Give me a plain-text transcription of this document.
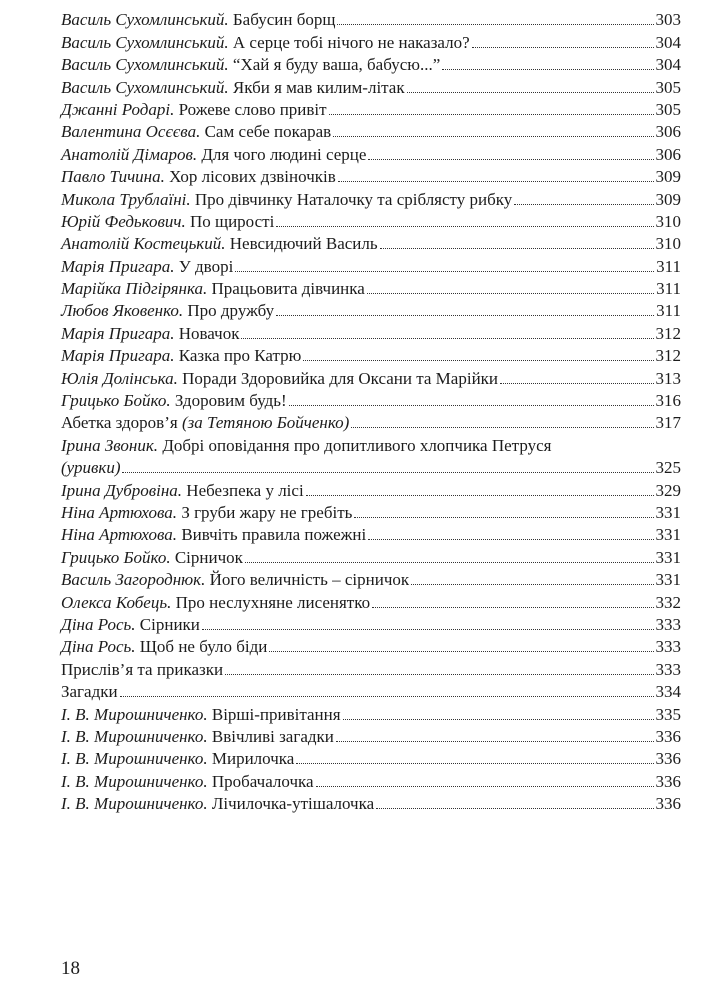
Василь Сухомлинський. Бабусин борщ	303
Василь Сухомлинський. А серце тобі нічого не наказало?	304
Василь Сухомлинський. “Хай я буду ваша, бабусю...”	304
Василь Сухомлинський. Якби я мав килим-літак	305
Джанні Родарі. Рожеве слово привіт	305
Валентина Осєєва. Сам себе покарав	306
Анатолій Дімаров. Для чого людині серце	306
Павло Тичина. Хор лісових дзвіночків	309
Микола Трублаїні. Про дівчинку Наталочку та сріблясту рибку	309
Юрій Федькович. По щирості	310
Анатолій Костецький. Невсидючий Василь	310
Марія Пригара. У дворі	311
Марійка Підгірянка. Працьовита дівчинка	311
Любов Яковенко. Про дружбу	311
Марія Пригара. Новачок	312
Марія Пригара. Казка про Катрю	312
Юлія Долінська. Поради Здоровийка для Оксани та Марійки	313
Грицько Бойко. Здоровим будь!	316
Абетка здоров’я (за Тетяною Бойченко)	317
Ірина Звоник. Добрі оповідання про допитливого хлопчика Петруся
(уривки)	325
Ірина Дубровіна. Небезпека у лісі	329
Ніна Артюхова. З груби жару не гребіть	331
Ніна Артюхова. Вивчіть правила пожежні	331
Грицько Бойко. Сірничок	331
Василь Загороднюк. Його величність – сірничок	331
Олекса Кобець. Про неслухняне лисенятко	332
Діна Рось. Сірники	333
Діна Рось. Щоб не було біди	333
Прислів’я та приказки	333
Загадки	334
І. В. Мирошниченко. Вірші-привітання	335
І. В. Мирошниченко. Ввічливі загадки	336
І. В. Мирошниченко. Мирилочка	336
І. В. Мирошниченко. Пробачалочка	336
І. В. Мирошниченко. Лічилочка-утішалочка	336
18
